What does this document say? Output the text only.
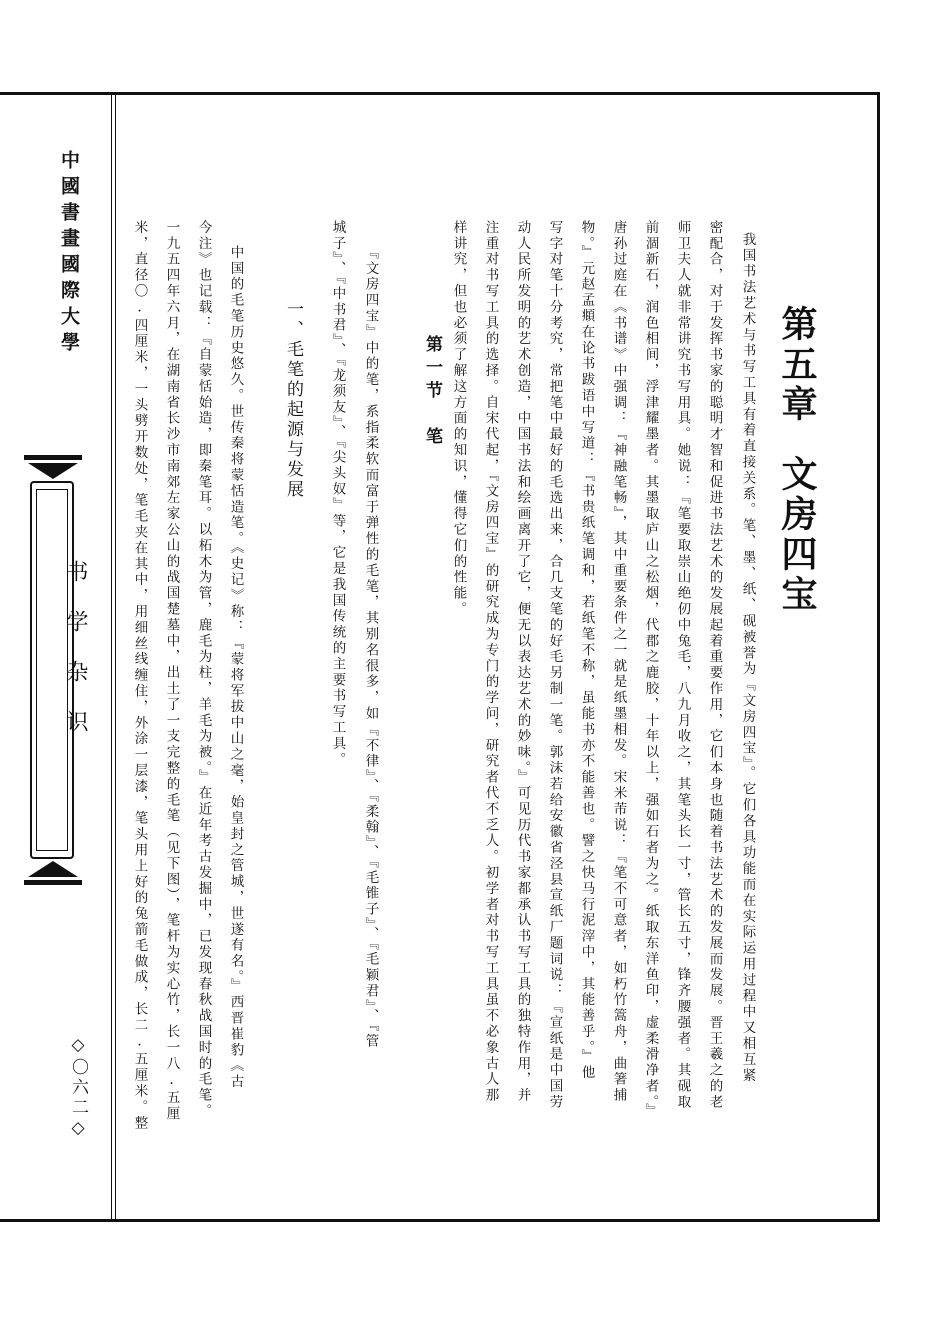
中國書畫國際大學
书学杂识
◇〇六二◇
第五章文房四宝
我国书法艺术与书写工具有着直接关系。笔、墨、纸、砚被誉为『文房四宝』。它们各具功能而在实际运用过程中又相互紧
密配合，对于发挥书家的聪明才智和促进书法艺术的发展起着重要作用，它们本身也随着书法艺术的发展而发展。晋王羲之的老
师卫夫人就非常讲究书写用具。她说：『笔要取崇山绝仞中兔毛，八九月收之，其笔头长一寸，管长五寸，锋齐腰强者。其砚取
前涸新石，润色相间，浮津耀墨者。其墨取庐山之松烟，代郡之鹿胶，十年以上，强如石者为之。纸取东洋鱼印，虚柔滑净者。』
唐孙过庭在《书谱》中强调：『神融笔畅』，其中重要条件之一就是纸墨相发。宋米芾说：『笔不可意者，如朽竹篙舟，曲箸捕
物。』元赵孟頫在论书跋语中写道：『书贵纸笔调和，若纸笔不称，虽能书亦不能善也。譬之快马行泥滓中，其能善乎。』他
写字对笔十分考究，常把笔中最好的毛选出来，合几支笔的好毛另制一笔。郭沫若给安徽省泾县宣纸厂题词说：『宣纸是中国劳
动人民所发明的艺术创造，中国书法和绘画离开了它，便无以表达艺术的妙味。』可见历代书家都承认书写工具的独特作用，并
注重对书写工具的选择。自宋代起，『文房四宝』的研究成为专门的学问，研究者代不乏人。初学者对书写工具虽不必象古人那
样讲究，但也必须了解这方面的知识，懂得它们的性能。
第一节　笔
『文房四宝』中的笔，系指柔软而富于弹性的毛笔，其别名很多，如『不律』、『柔翰』、『毛锥子』、『毛颖君』、『管
城子』、『中书君』、『龙须友』、『尖头奴』等，它是我国传统的主要书写工具。
一、毛笔的起源与发展
中国的毛笔历史悠久。世传秦将蒙恬造笔。《史记》称：『蒙将军拔中山之毫，始皇封之管城，世遂有名。』西晋崔豹《古
今注》也记载：『自蒙恬始造，即秦笔耳。以柘木为管，鹿毛为柱，羊毛为被。』在近年考古发掘中，已发现春秋战国时的毛笔。
一九五四年六月，在湖南省长沙市南郊左家公山的战国楚墓中，出土了一支完整的毛笔（见下图），笔杆为实心竹，长一八.五厘
米，直径〇.四厘米，一头劈开数处，笔毛夹在其中，用细丝线缠住，外涂一层漆，笔头用上好的兔箭毛做成，长二.五厘米。整
